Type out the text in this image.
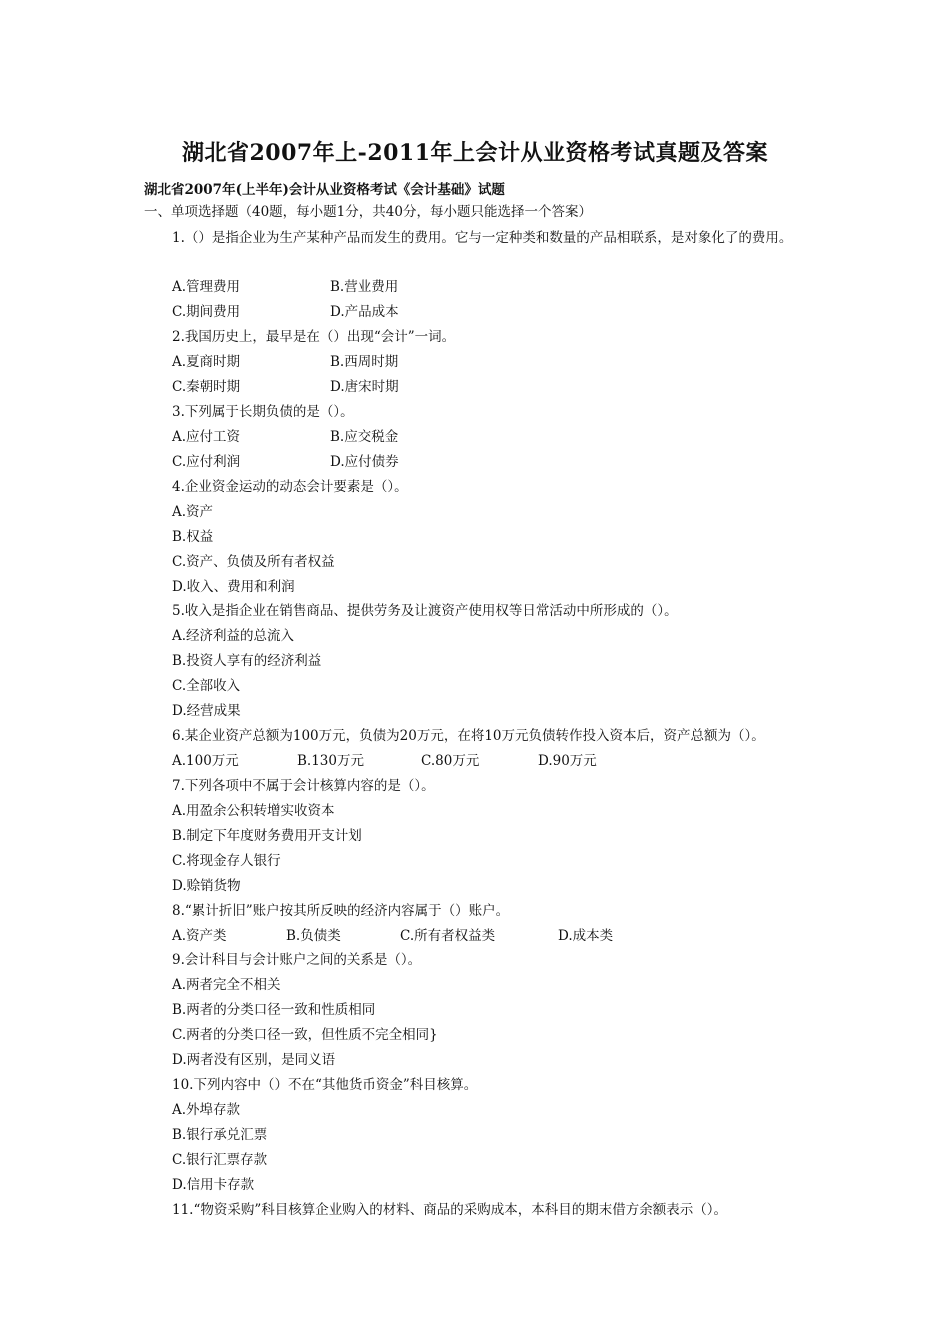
湖北省2007年上-2011年上会计从业资格考试真题及答案
湖北省2007年(上半年)会计从业资格考试《会计基础》试题
一、单项选择题（40题，每小题1分，共40分，每小题只能选择一个答案）
1.（）是指企业为生产某种产品而发生的费用。它与一定种类和数量的产品相联系，是对象化了的费用。
A.管理费用	B.营业费用
C.期间费用	D.产品成本
2.我国历史上，最早是在（）出现“会计”一词。
A.夏商时期	B.西周时期
C.秦朝时期	D.唐宋时期
3.下列属于长期负债的是（）。
A.应付工资	B.应交税金
C.应付利润	D.应付债券
4.企业资金运动的动态会计要素是（）。
A.资产
B.权益
C.资产、负债及所有者权益
D.收入、费用和利润
5.收入是指企业在销售商品、提供劳务及让渡资产使用权等日常活动中所形成的（）。
A.经济利益的总流入
B.投资人享有的经济利益
C.全部收入
D.经营成果
6.某企业资产总额为100万元，负债为20万元，在将10万元负债转作投入资本后，资产总额为（）。
A.100万元	B.130万元	C.80万元	D.90万元
7.下列各项中不属于会计核算内容的是（）。
A.用盈余公积转增实收资本
B.制定下年度财务费用开支计划
C.将现金存人银行
D.赊销货物
8.“累计折旧”账户按其所反映的经济内容属于（）账户。
A.资产类	B.负债类	C.所有者权益类	D.成本类
9.会计科目与会计账户之间的关系是（）。
A.两者完全不相关
B.两者的分类口径一致和性质相同
C.两者的分类口径一致，但性质不完全相同}
D.两者没有区别，是同义语
10.下列内容中（）不在“其他货币资金”科目核算。
A.外埠存款
B.银行承兑汇票
C.银行汇票存款
D.信用卡存款
11.“物资采购”科目核算企业购入的材料、商品的采购成本，本科目的期末借方余额表示（）。
